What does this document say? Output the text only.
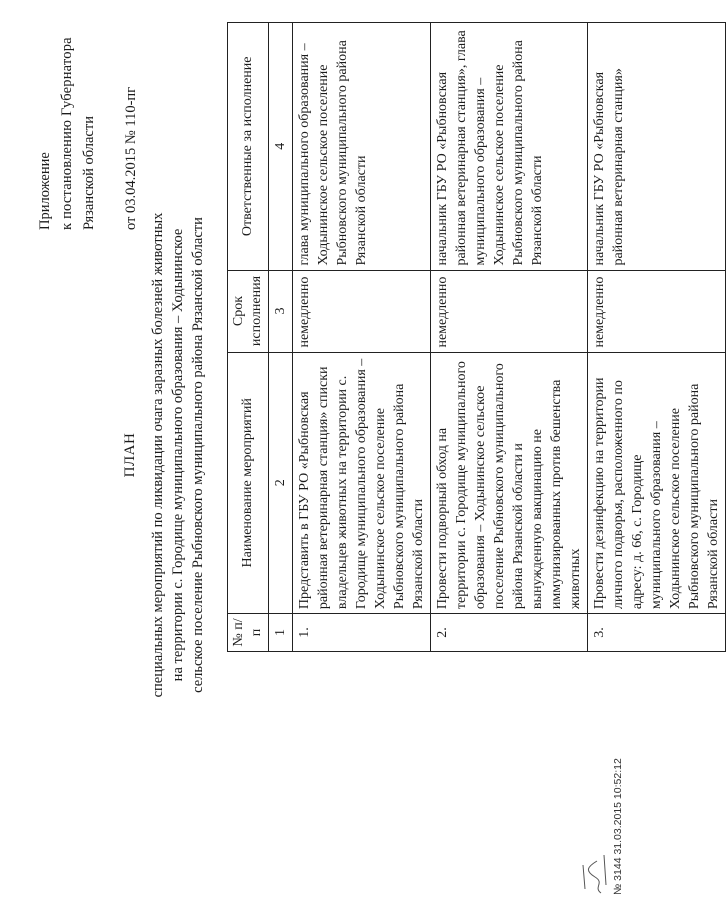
Приложение к постановлению Губернатора Рязанской области от 03.04.2015 № 110-пг
ПЛАН специальных мероприятий по ликвидации очага заразных болезней животных на территории с. Городище муниципального образования – Ходынинское сельское поселение Рыбновского муниципального района Рязанской области № п/п	Наименование мероприятий	Срок исполнения	Ответственные за исполнение
1	2	3	4
1.	Представить в ГБУ РО «Рыбновская районная ветеринарная станция» списки владельцев животных на территории с. Городище муниципального образования – Ходынинское сельское поселение Рыбновского муниципального района Рязанской области	немедленно	глава муниципального образования – Ходынинское сельское поселение Рыбновского муниципального района Рязанской области
2.	Провести подворный обход на территории с. Городище муниципального образования – Ходынинское сельское поселение Рыбновского муниципального района Рязанской области и вынужденную вакцинацию не иммунизированных против бешенства животных	немедленно	начальник ГБУ РО «Рыбновская районная ветеринарная станция», глава муниципального образования – Ходынинское сельское поселение Рыбновского муниципального района Рязанской области
3.	Провести дезинфекцию на территории личного подворья, расположенного по адресу: д. 66, с. Городище муниципального образования – Ходынинское сельское поселение Рыбновского муниципального района Рязанской области	немедленно	начальник ГБУ РО «Рыбновская районная ветеринарная станция»
№ 3144 31.03.2015 10:52:12
